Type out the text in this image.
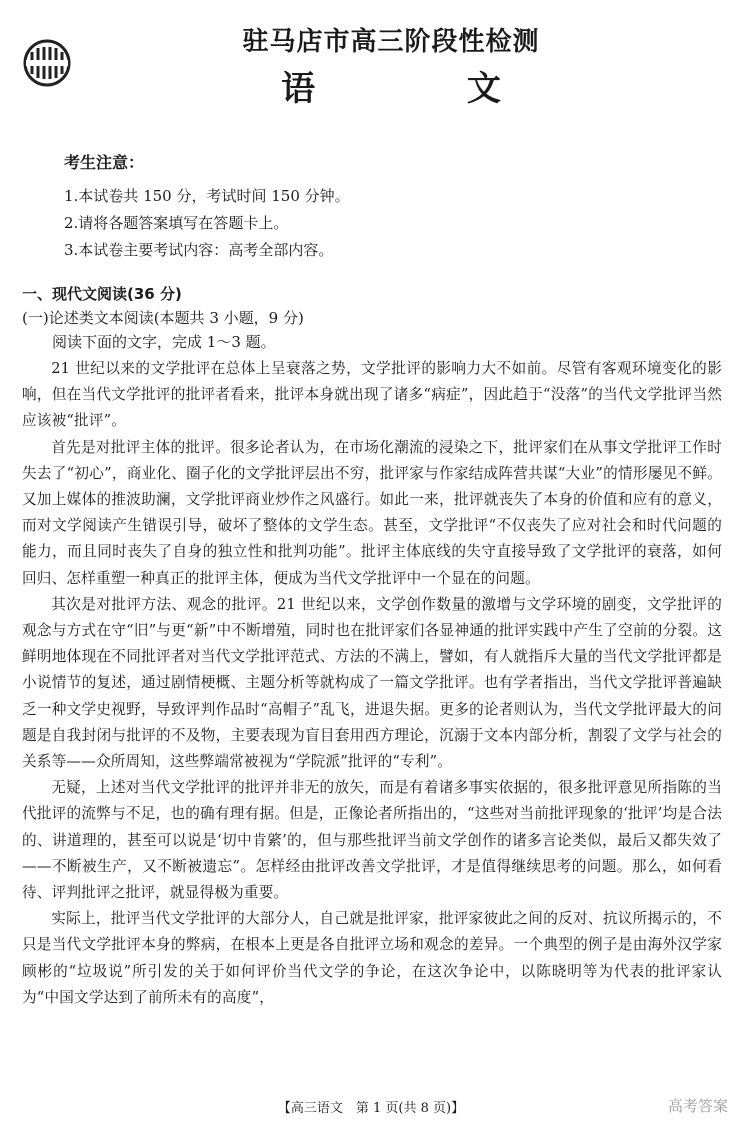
驻马店市高三阶段性检测
语 文

考生注意：

1.本试卷共 150 分，考试时间 150 分钟。

2.请将各题答案填写在答题卡上。

3.本试卷主要考试内容：高考全部内容。

一、现代文阅读(36 分)

(一)论述类文本阅读(本题共 3 小题，9 分)

阅读下面的文字，完成 1～3 题。

21 世纪以来的文学批评在总体上呈衰落之势，文学批评的影响力大不如前。尽管有客观环境变化的影响，但在当代文学批评的批评者看来，批评本身就出现了诸多“病症”，因此趋于“没落”的当代文学批评当然应该被“批评”。

首先是对批评主体的批评。很多论者认为，在市场化潮流的浸染之下，批评家们在从事文学批评工作时失去了“初心”，商业化、圈子化的文学批评层出不穷，批评家与作家结成阵营共谋“大业”的情形屡见不鲜。又加上媒体的推波助澜，文学批评商业炒作之风盛行。如此一来，批评就丧失了本身的价值和应有的意义，而对文学阅读产生错误引导，破坏了整体的文学生态。甚至，文学批评“不仅丧失了应对社会和时代问题的能力，而且同时丧失了自身的独立性和批判功能”。批评主体底线的失守直接导致了文学批评的衰落，如何回归、怎样重塑一种真正的批评主体，便成为当代文学批评中一个显在的问题。

其次是对批评方法、观念的批评。21 世纪以来，文学创作数量的激增与文学环境的剧变，文学批评的观念与方式在守“旧”与更“新”中不断增殖，同时也在批评家们各显神通的批评实践中产生了空前的分裂。这鲜明地体现在不同批评者对当代文学批评范式、方法的不满上，譬如，有人就指斥大量的当代文学批评都是小说情节的复述，通过剧情梗概、主题分析等就构成了一篇文学批评。也有学者指出，当代文学批评普遍缺乏一种文学史视野，导致评判作品时“高帽子”乱飞，进退失据。更多的论者则认为，当代文学批评最大的问题是自我封闭与批评的不及物，主要表现为盲目套用西方理论，沉溺于文本内部分析，割裂了文学与社会的关系等——众所周知，这些弊端常被视为“学院派”批评的“专利”。

无疑，上述对当代文学批评的批评并非无的放矢，而是有着诸多事实依据的，很多批评意见所指陈的当代批评的流弊与不足，也的确有理有据。但是，正像论者所指出的，“这些对当前批评现象的‘批评’均是合法的、讲道理的，甚至可以说是‘切中肯綮’的，但与那些批评当前文学创作的诸多言论类似，最后又都失效了——不断被生产，又不断被遗忘”。怎样经由批评改善文学批评，才是值得继续思考的问题。那么，如何看待、评判批评之批评，就显得极为重要。

实际上，批评当代文学批评的大部分人，自己就是批评家，批评家彼此之间的反对、抗议所揭示的，不只是当代文学批评本身的弊病，在根本上更是各自批评立场和观念的差异。一个典型的例子是由海外汉学家顾彬的“垃圾说”所引发的关于如何评价当代文学的争论，在这次争论中，以陈晓明等为代表的批评家认为“中国文学达到了前所未有的高度”，

【高三语文　第 1 页(共 8 页)】	高考答案
